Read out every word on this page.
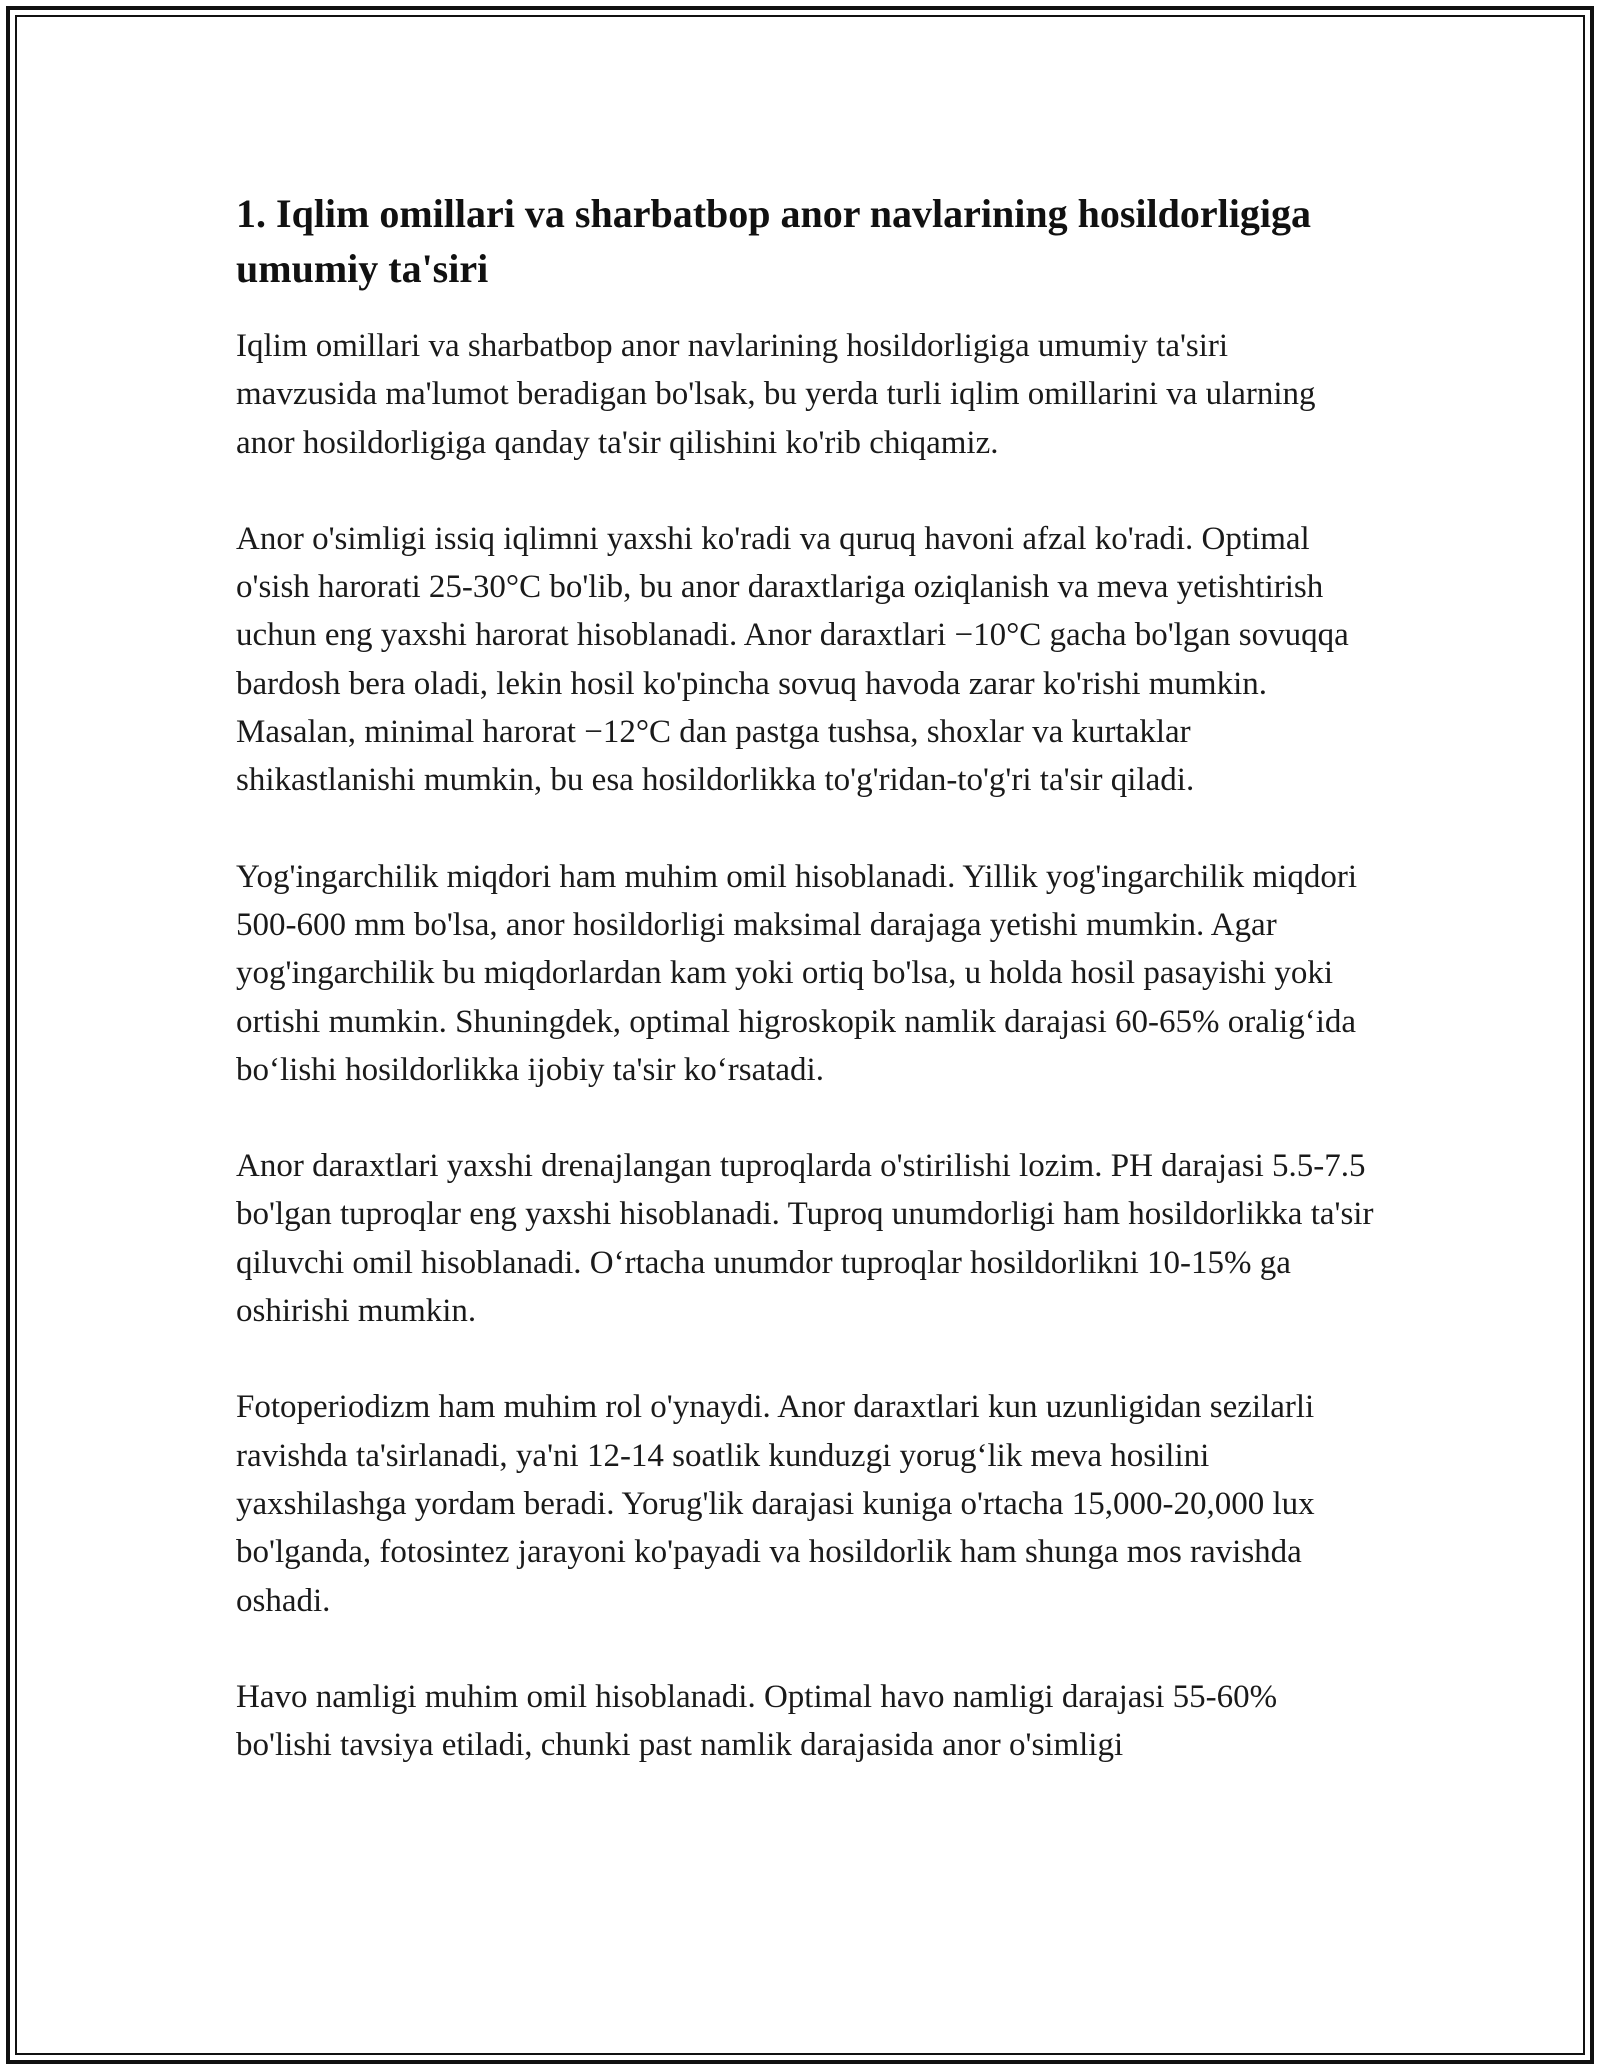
1. Iqlim omillari va sharbatbop anor navlarining hosildorligiga umumiy ta'siri

Iqlim omillari va sharbatbop anor navlarining hosildorligiga umumiy ta'siri mavzusida ma'lumot beradigan bo'lsak, bu yerda turli iqlim omillarini va ularning anor hosildorligiga qanday ta'sir qilishini ko'rib chiqamiz.

Anor o'simligi issiq iqlimni yaxshi ko'radi va quruq havoni afzal ko'radi. Optimal o'sish harorati 25-30°C bo'lib, bu anor daraxtlariga oziqlanish va meva yetishtirish uchun eng yaxshi harorat hisoblanadi. Anor daraxtlari −10°C gacha bo'lgan sovuqqa bardosh bera oladi, lekin hosil ko'pincha sovuq havoda zarar ko'rishi mumkin. Masalan, minimal harorat −12°C dan pastga tushsa, shoxlar va kurtaklar shikastlanishi mumkin, bu esa hosildorlikka to'g'ridan-to'g'ri ta'sir qiladi.

Yog'ingarchilik miqdori ham muhim omil hisoblanadi. Yillik yog'ingarchilik miqdori 500-600 mm bo'lsa, anor hosildorligi maksimal darajaga yetishi mumkin. Agar yog'ingarchilik bu miqdorlardan kam yoki ortiq bo'lsa, u holda hosil pasayishi yoki ortishi mumkin. Shuningdek, optimal higroskopik namlik darajasi 60-65% oralig‘ida bo‘lishi hosildorlikka ijobiy ta'sir ko‘rsatadi.

Anor daraxtlari yaxshi drenajlangan tuproqlarda o'stirilishi lozim. PH darajasi 5.5-7.5 bo'lgan tuproqlar eng yaxshi hisoblanadi. Tuproq unumdorligi ham hosildorlikka ta'sir qiluvchi omil hisoblanadi. O‘rtacha unumdor tuproqlar hosildorlikni 10-15% ga oshirishi mumkin.

Fotoperiodizm ham muhim rol o'ynaydi. Anor daraxtlari kun uzunligidan sezilarli ravishda ta'sirlanadi, ya'ni 12-14 soatlik kunduzgi yorug‘lik meva hosilini yaxshilashga yordam beradi. Yorug'lik darajasi kuniga o'rtacha 15,000-20,000 lux bo'lganda, fotosintez jarayoni ko'payadi va hosildorlik ham shunga mos ravishda oshadi.

Havo namligi muhim omil hisoblanadi. Optimal havo namligi darajasi 55-60% bo'lishi tavsiya etiladi, chunki past namlik darajasida anor o'simligi
